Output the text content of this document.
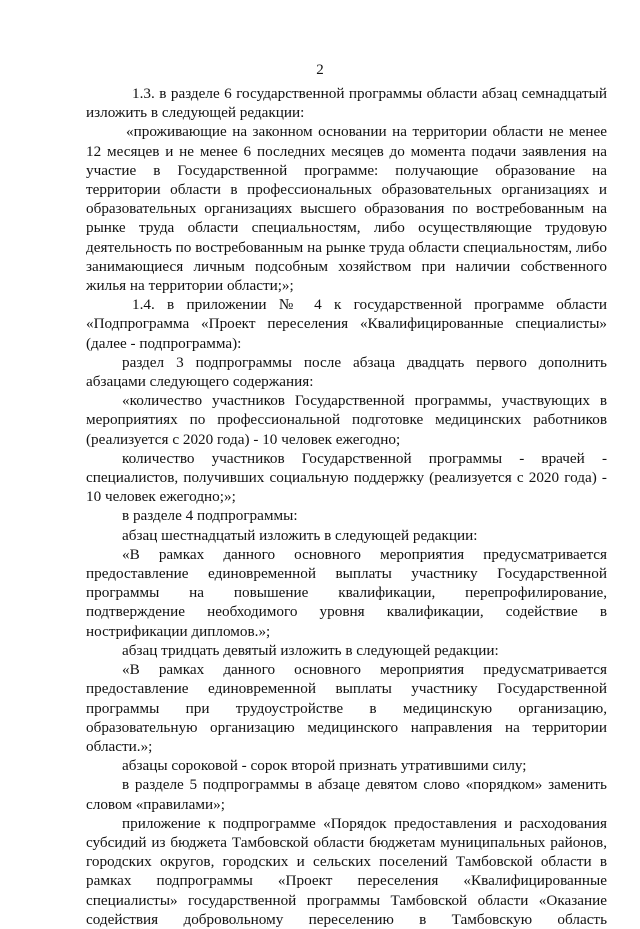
2

1.3. в разделе 6 государственной программы области абзац семнадцатый

изложить в следующей редакции:

«проживающие на законном основании на территории области не менее

12 месяцев и не менее 6 последних месяцев до момента подачи заявления на

участие в Государственной программе: получающие образование на

территории области в профессиональных образовательных организациях и

образовательных организациях высшего образования по востребованным на

рынке труда области специальностям, либо осуществляющие трудовую

деятельность по востребованным на рынке труда области специальностям, либо

занимающиеся личным подсобным хозяйством при наличии собственного

жилья на территории области;»;

1.4. в приложении № 4 к государственной программе области

«Подпрограмма «Проект переселения «Квалифицированные специалисты»

(далее - подпрограмма):

раздел 3 подпрограммы после абзаца двадцать первого дополнить

абзацами следующего содержания:

«количество участников Государственной программы, участвующих в

мероприятиях по профессиональной подготовке медицинских работников

(реализуется с 2020 года) - 10 человек ежегодно;

количество участников Государственной программы - врачей -

специалистов, получивших социальную поддержку (реализуется с 2020 года) -

10 человек ежегодно;»;

в разделе 4 подпрограммы:

абзац шестнадцатый изложить в следующей редакции:

«В рамках данного основного мероприятия предусматривается

предоставление единовременной выплаты участнику Государственной

программы на повышение квалификации, перепрофилирование,

подтверждение необходимого уровня квалификации, содействие в

нострификации дипломов.»;

абзац тридцать девятый изложить в следующей редакции:

«В рамках данного основного мероприятия предусматривается

предоставление единовременной выплаты участнику Государственной

программы при трудоустройстве в медицинскую организацию,

образовательную организацию медицинского направления на территории

области.»;

абзацы сороковой - сорок второй признать утратившими силу;

в разделе 5 подпрограммы в абзаце девятом слово «порядком» заменить

словом «правилами»;

приложение к подпрограмме «Порядок предоставления и расходования

субсидий из бюджета Тамбовской области бюджетам муниципальных районов,

городских округов, городских и сельских поселений Тамбовской области в

рамках подпрограммы «Проект переселения «Квалифицированные

специалисты» государственной программы Тамбовской области «Оказание

содействия добровольному переселению в Тамбовскую область
